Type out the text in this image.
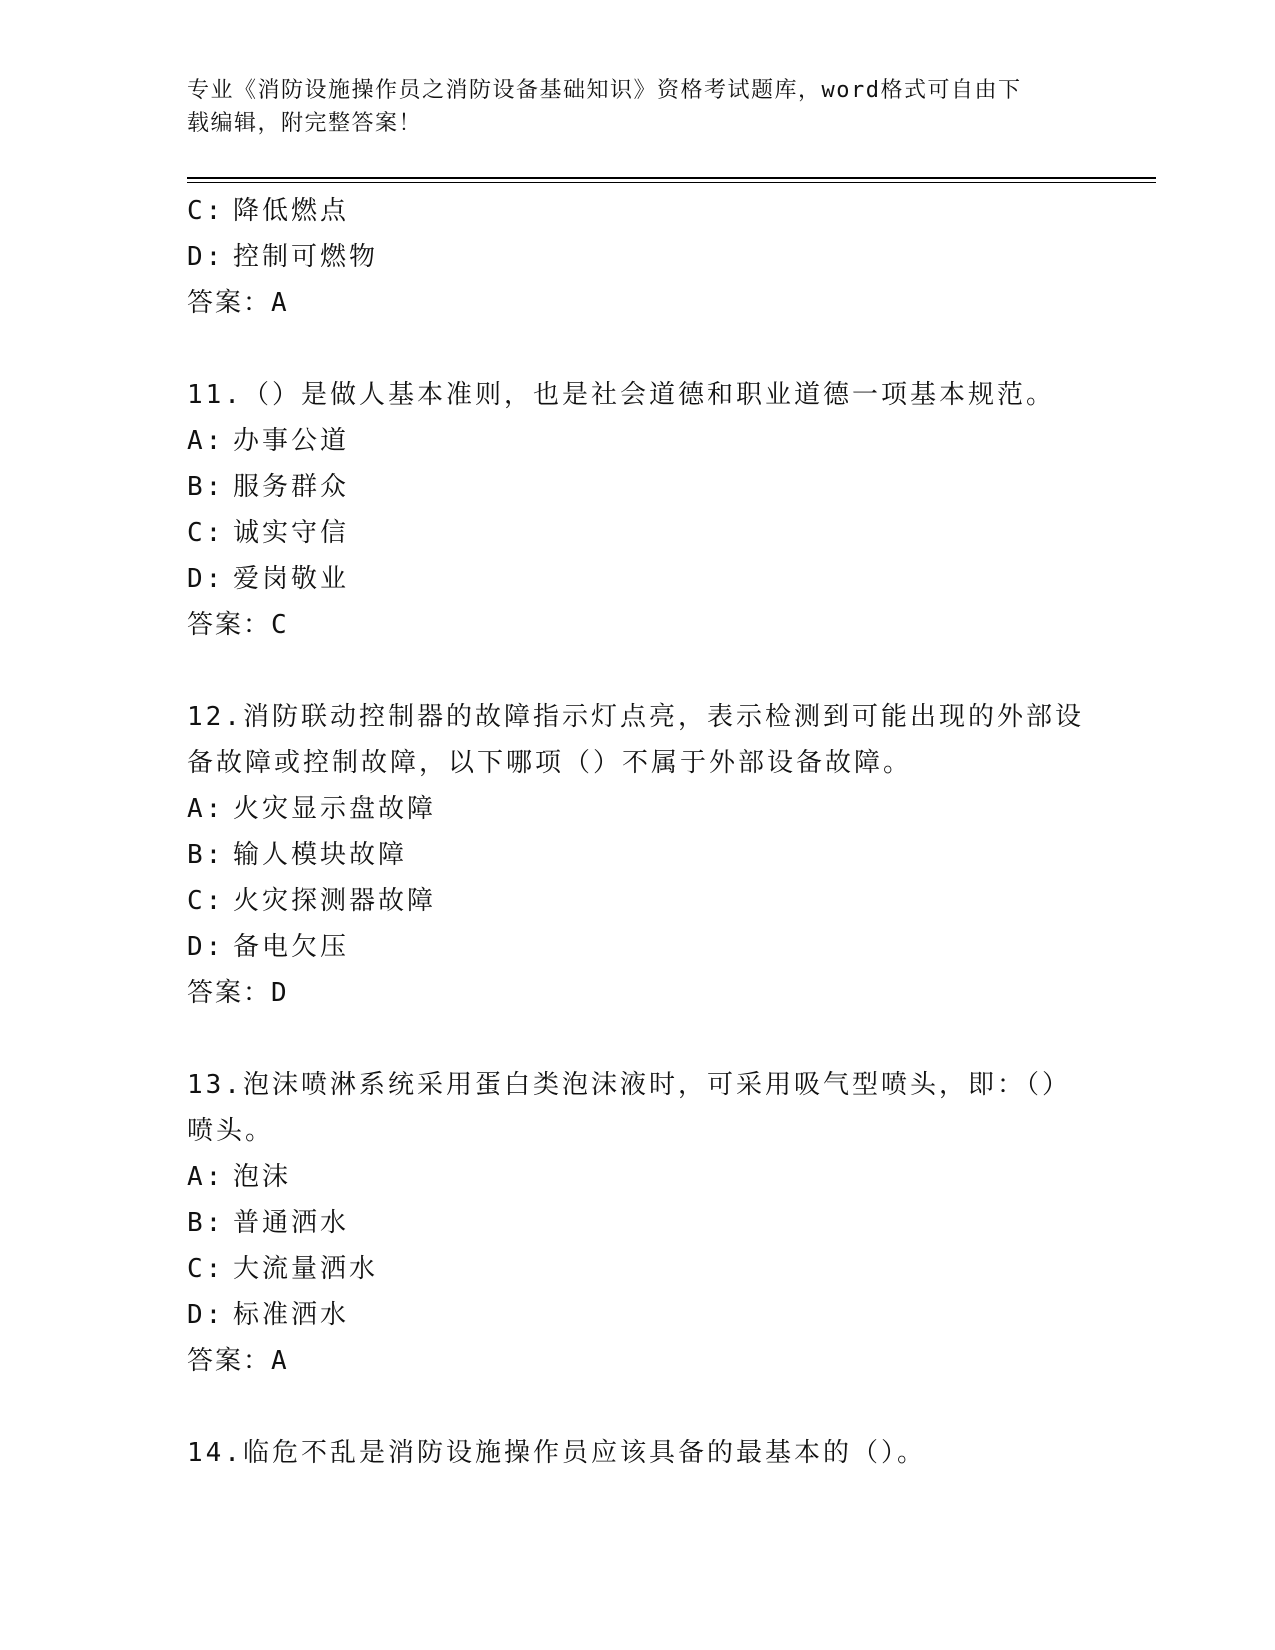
专业《消防设施操作员之消防设备基础知识》资格考试题库，word格式可自由下
载编辑，附完整答案！
C: 降低燃点
D: 控制可燃物
答案：A
11.（）是做人基本准则，也是社会道德和职业道德一项基本规范。
A: 办事公道
B: 服务群众
C: 诚实守信
D: 爱岗敬业
答案：C
12.消防联动控制器的故障指示灯点亮，表示检测到可能出现的外部设
备故障或控制故障，以下哪项（）不属于外部设备故障。
A: 火灾显示盘故障
B: 输人模块故障
C: 火灾探测器故障
D: 备电欠压
答案：D
13.泡沫喷淋系统采用蛋白类泡沫液时，可采用吸气型喷头，即：（）
喷头。
A: 泡沫
B: 普通洒水
C: 大流量洒水
D: 标准洒水
答案：A
14.临危不乱是消防设施操作员应该具备的最基本的（）。
